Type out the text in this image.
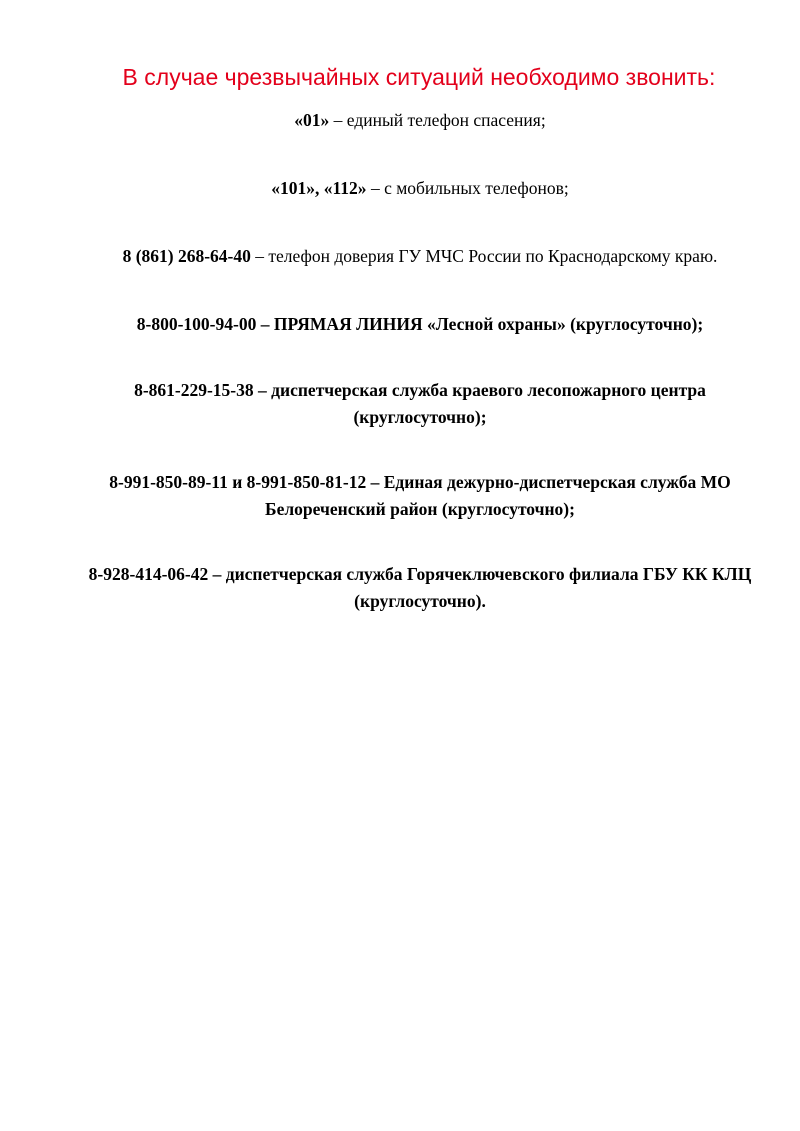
В случае чрезвычайных ситуаций необходимо звонить:

«01» – единый телефон спасения;

«101», «112» – с мобильных телефонов;

8 (861) 268-64-40 – телефон доверия ГУ МЧС России по Краснодарскому краю.

8-800-100-94-00 – ПРЯМАЯ ЛИНИЯ «Лесной охраны» (круглосуточно);

8-861-229-15-38 – диспетчерская служба краевого лесопожарного центра (круглосуточно);

8-991-850-89-11 и 8-991-850-81-12 – Единая дежурно-диспетчерская служба МО Белореченский район (круглосуточно);

8-928-414-06-42 – диспетчерская служба Горячеключевского филиала ГБУ КК КЛЦ (круглосуточно).
